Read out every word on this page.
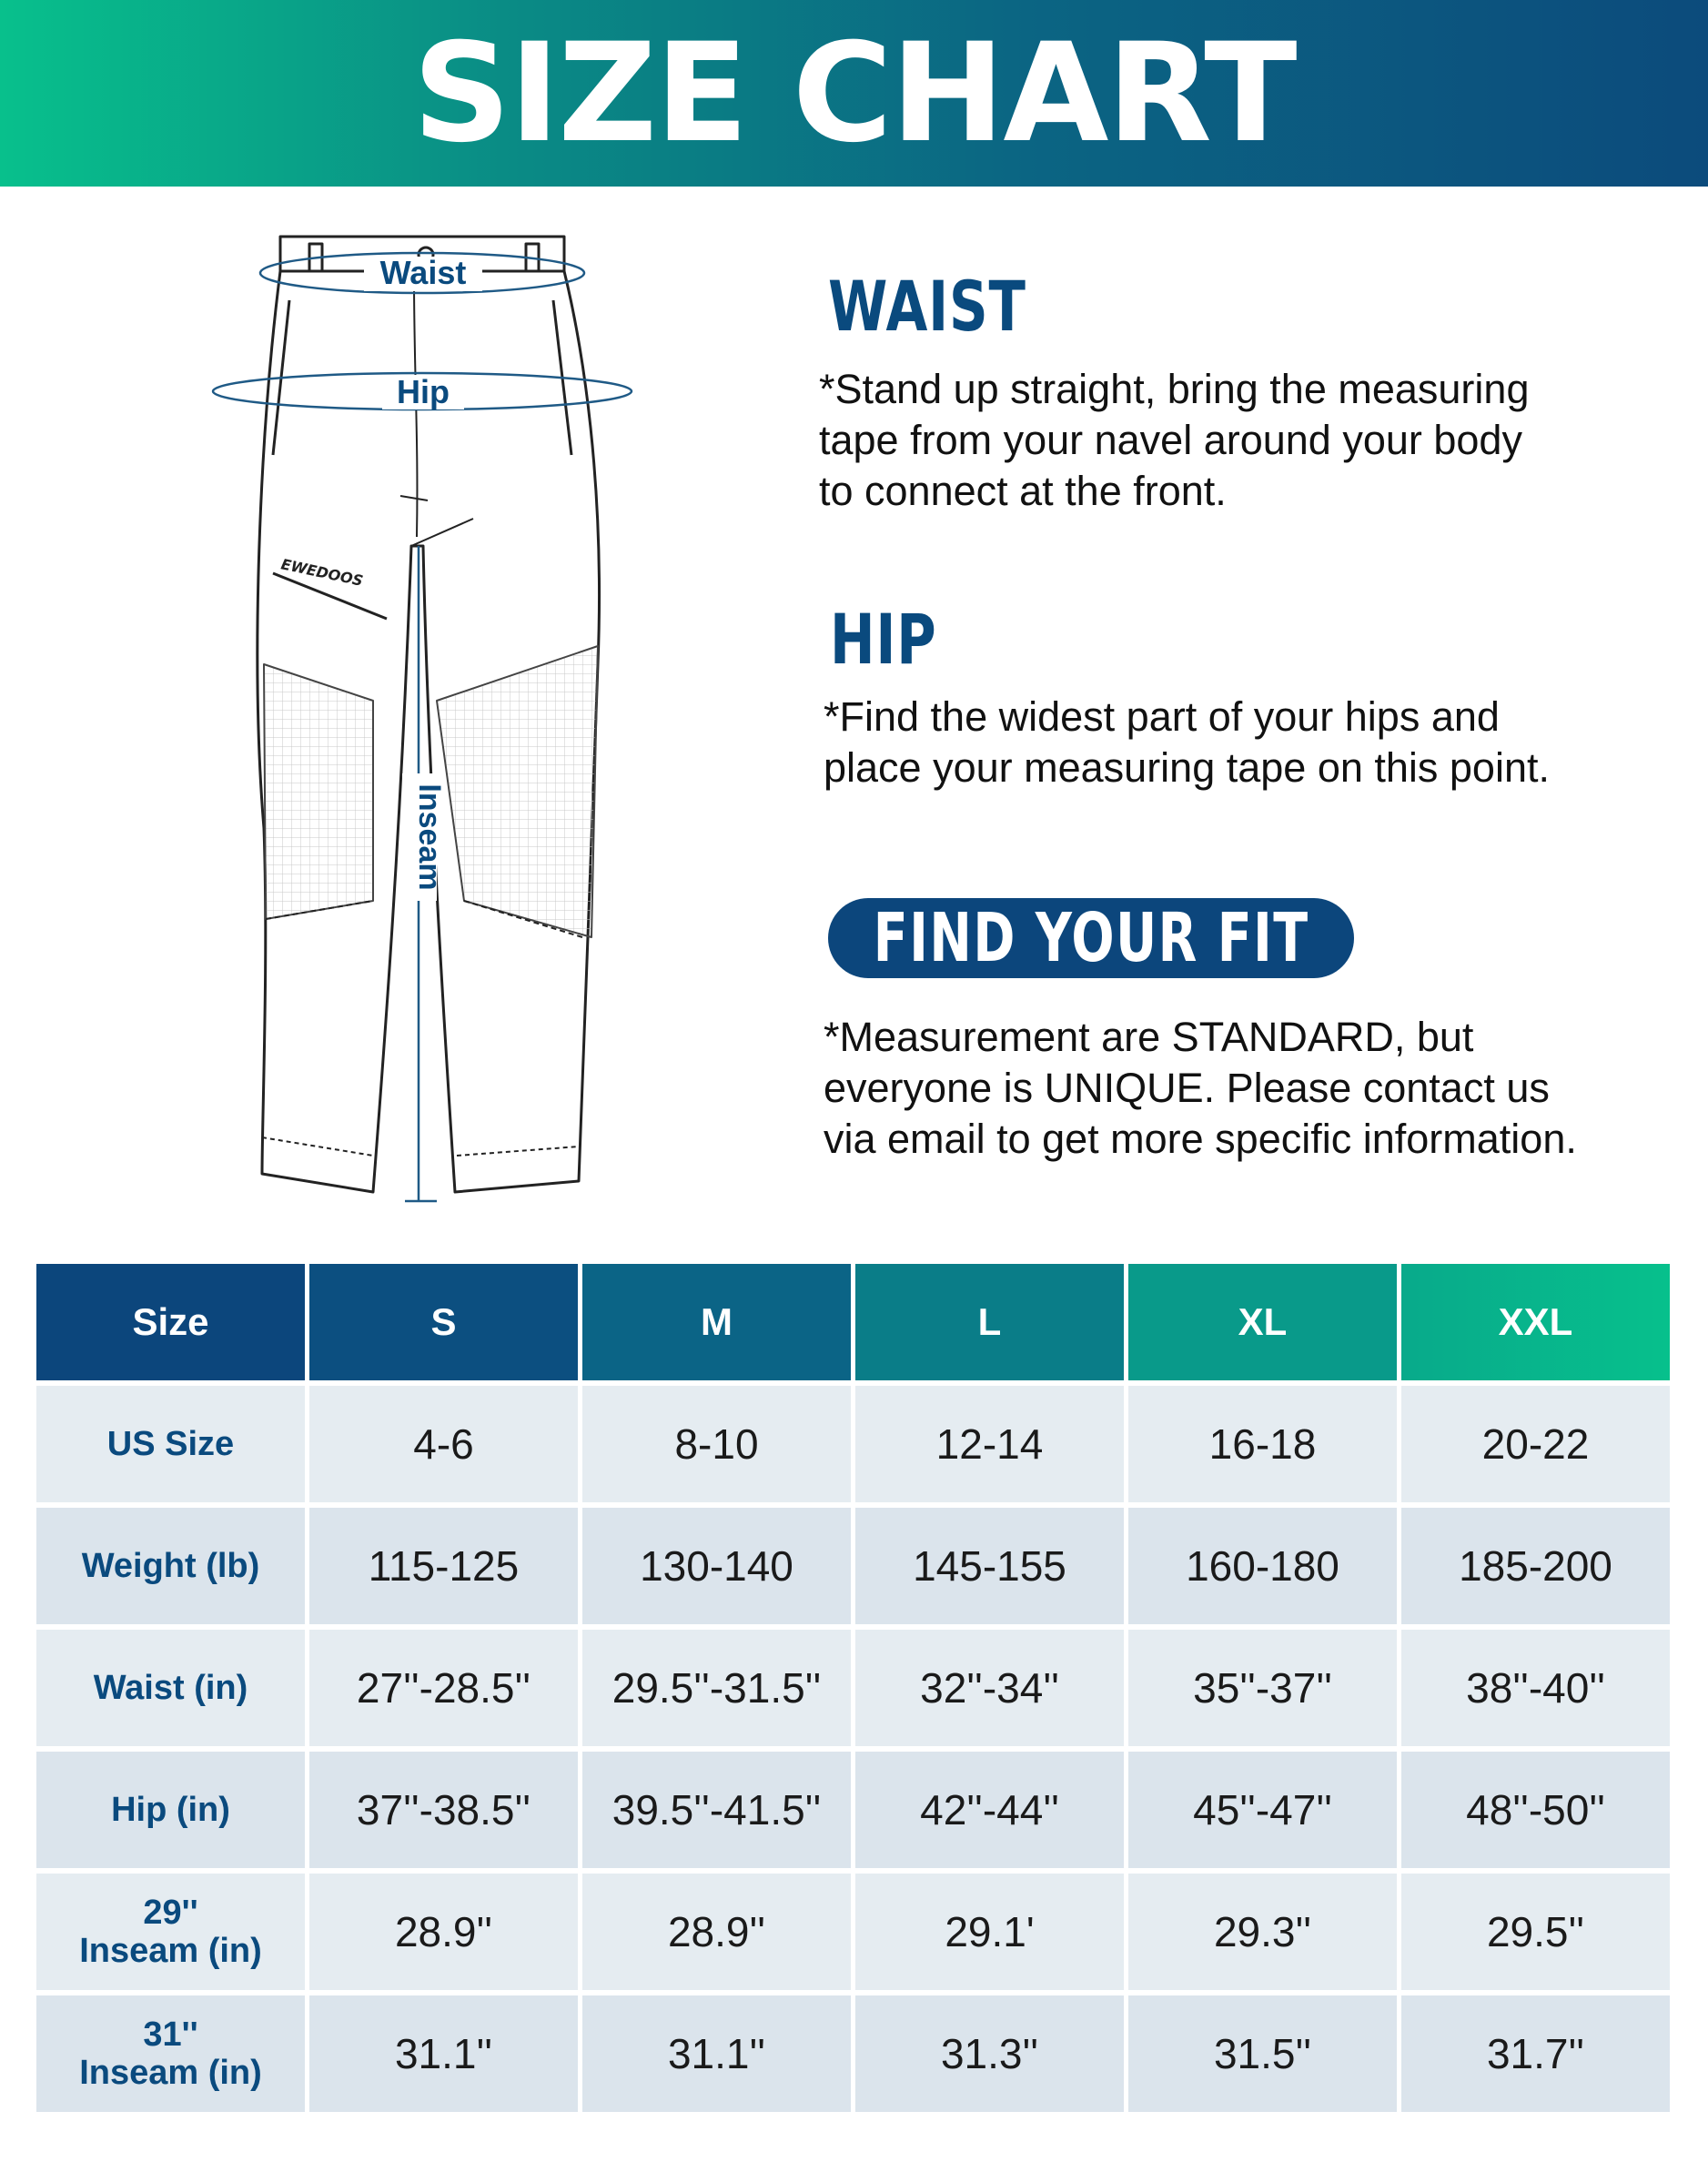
SIZE CHART
Waist
Hip
Inseam
EWEDOOS
WAIST
*Stand up straight, bring the measuring
tape from your navel around your body
to connect at the front.
HIP
*Find the widest part of your hips and
place your measuring tape on this point.
FIND YOUR FIT
*Measurement are STANDARD, but
everyone is UNIQUE. Please contact us
via email to get more specific information.
Size	S	M	L	XL	XXL
US Size	4-6	8-10	12-14	16-18	20-22
Weight (lb)	115-125	130-140	145-155	160-180	185-200
Waist (in)	27''-28.5''	29.5''-31.5''	32''-34''	35''-37''	38''-40''
Hip (in)	37''-38.5''	39.5''-41.5''	42''-44''	45''-47''	48''-50''
29''
Inseam (in)	28.9''	28.9''	29.1'	29.3''	29.5''
31''
Inseam (in)	31.1''	31.1''	31.3''	31.5''	31.7''
